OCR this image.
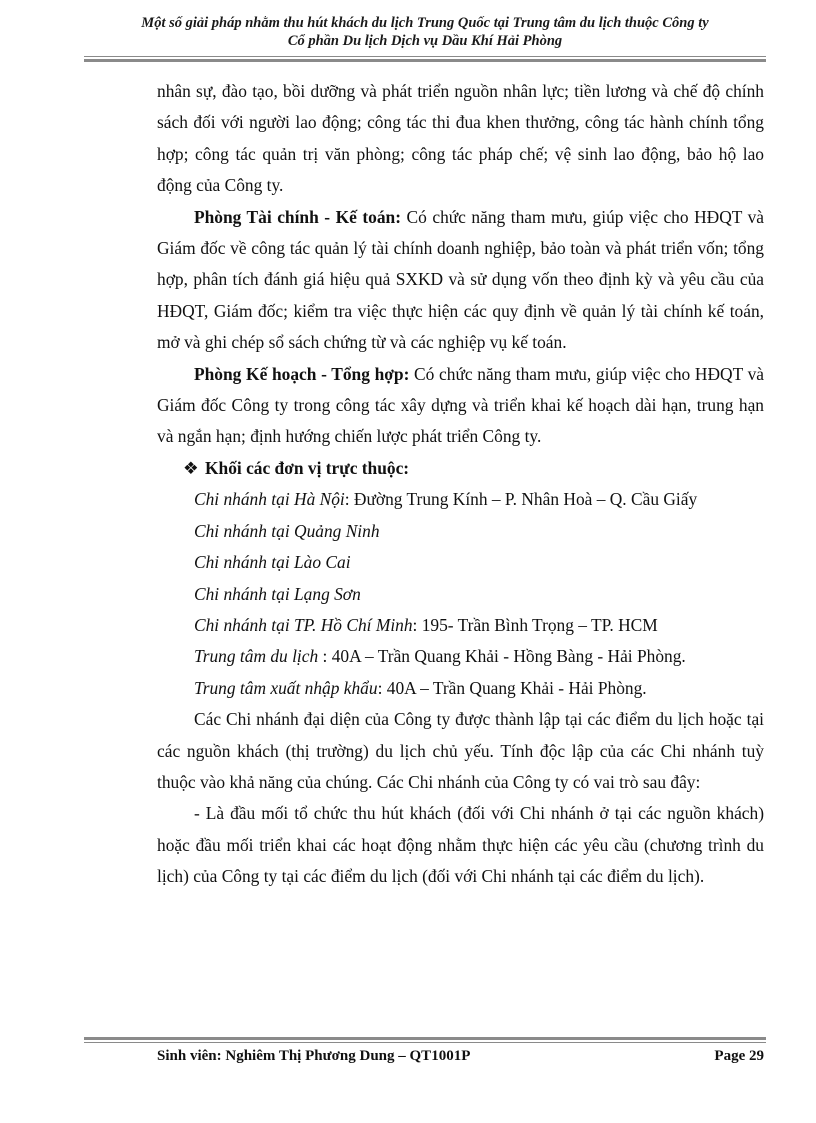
Một số giải pháp nhằm thu hút khách du lịch Trung Quốc tại Trung tâm du lịch thuộc Công ty
Cổ phần Du lịch Dịch vụ Dầu Khí Hải Phòng

nhân sự, đào tạo, bồi dưỡng và phát triển nguồn nhân lực; tiền lương và chế độ chính sách đối với người lao động; công tác thi đua khen thưởng, công tác hành chính tổng hợp; công tác quản trị văn phòng; công tác pháp chế; vệ sinh lao động, bảo hộ lao động của Công ty.

Phòng Tài chính - Kế toán: Có chức năng tham mưu, giúp việc cho HĐQT và Giám đốc về công tác quản lý tài chính doanh nghiệp, bảo toàn và phát triển vốn; tổng hợp, phân tích đánh giá hiệu quả SXKD và sử dụng vốn theo định kỳ và yêu cầu của HĐQT, Giám đốc; kiểm tra việc thực hiện các quy định về quản lý tài chính kế toán, mở và ghi chép sổ sách chứng từ và các nghiệp vụ kế toán.

Phòng Kế hoạch - Tổng hợp: Có chức năng tham mưu, giúp việc cho HĐQT và Giám đốc Công ty trong công tác xây dựng và triển khai kế hoạch dài hạn, trung hạn và ngắn hạn; định hướng chiến lược phát triển Công ty.

❖ Khối các đơn vị trực thuộc:

Chi nhánh tại Hà Nội: Đường Trung Kính – P. Nhân Hoà – Q. Cầu Giấy

Chi nhánh tại Quảng Ninh

Chi nhánh tại Lào Cai

Chi nhánh tại Lạng Sơn

Chi nhánh tại TP. Hồ Chí Minh: 195- Trần Bình Trọng – TP. HCM

Trung tâm du lịch : 40A – Trần Quang Khải - Hồng Bàng - Hải Phòng.

Trung tâm xuất nhập khẩu: 40A – Trần Quang Khải - Hải Phòng.

Các Chi nhánh đại diện của Công ty được thành lập tại các điểm du lịch hoặc tại các nguồn khách (thị trường) du lịch chủ yếu. Tính độc lập của các Chi nhánh tuỳ thuộc vào khả năng của chúng. Các Chi nhánh của Công ty có vai trò sau đây:

- Là đầu mối tổ chức thu hút khách (đối với Chi nhánh ở tại các nguồn khách) hoặc đầu mối triển khai các hoạt động nhằm thực hiện các yêu cầu (chương trình du lịch) của Công ty tại các điểm du lịch (đối với Chi nhánh tại các điểm du lịch).

Sinh viên: Nghiêm Thị Phương Dung – QT1001P	Page 29
